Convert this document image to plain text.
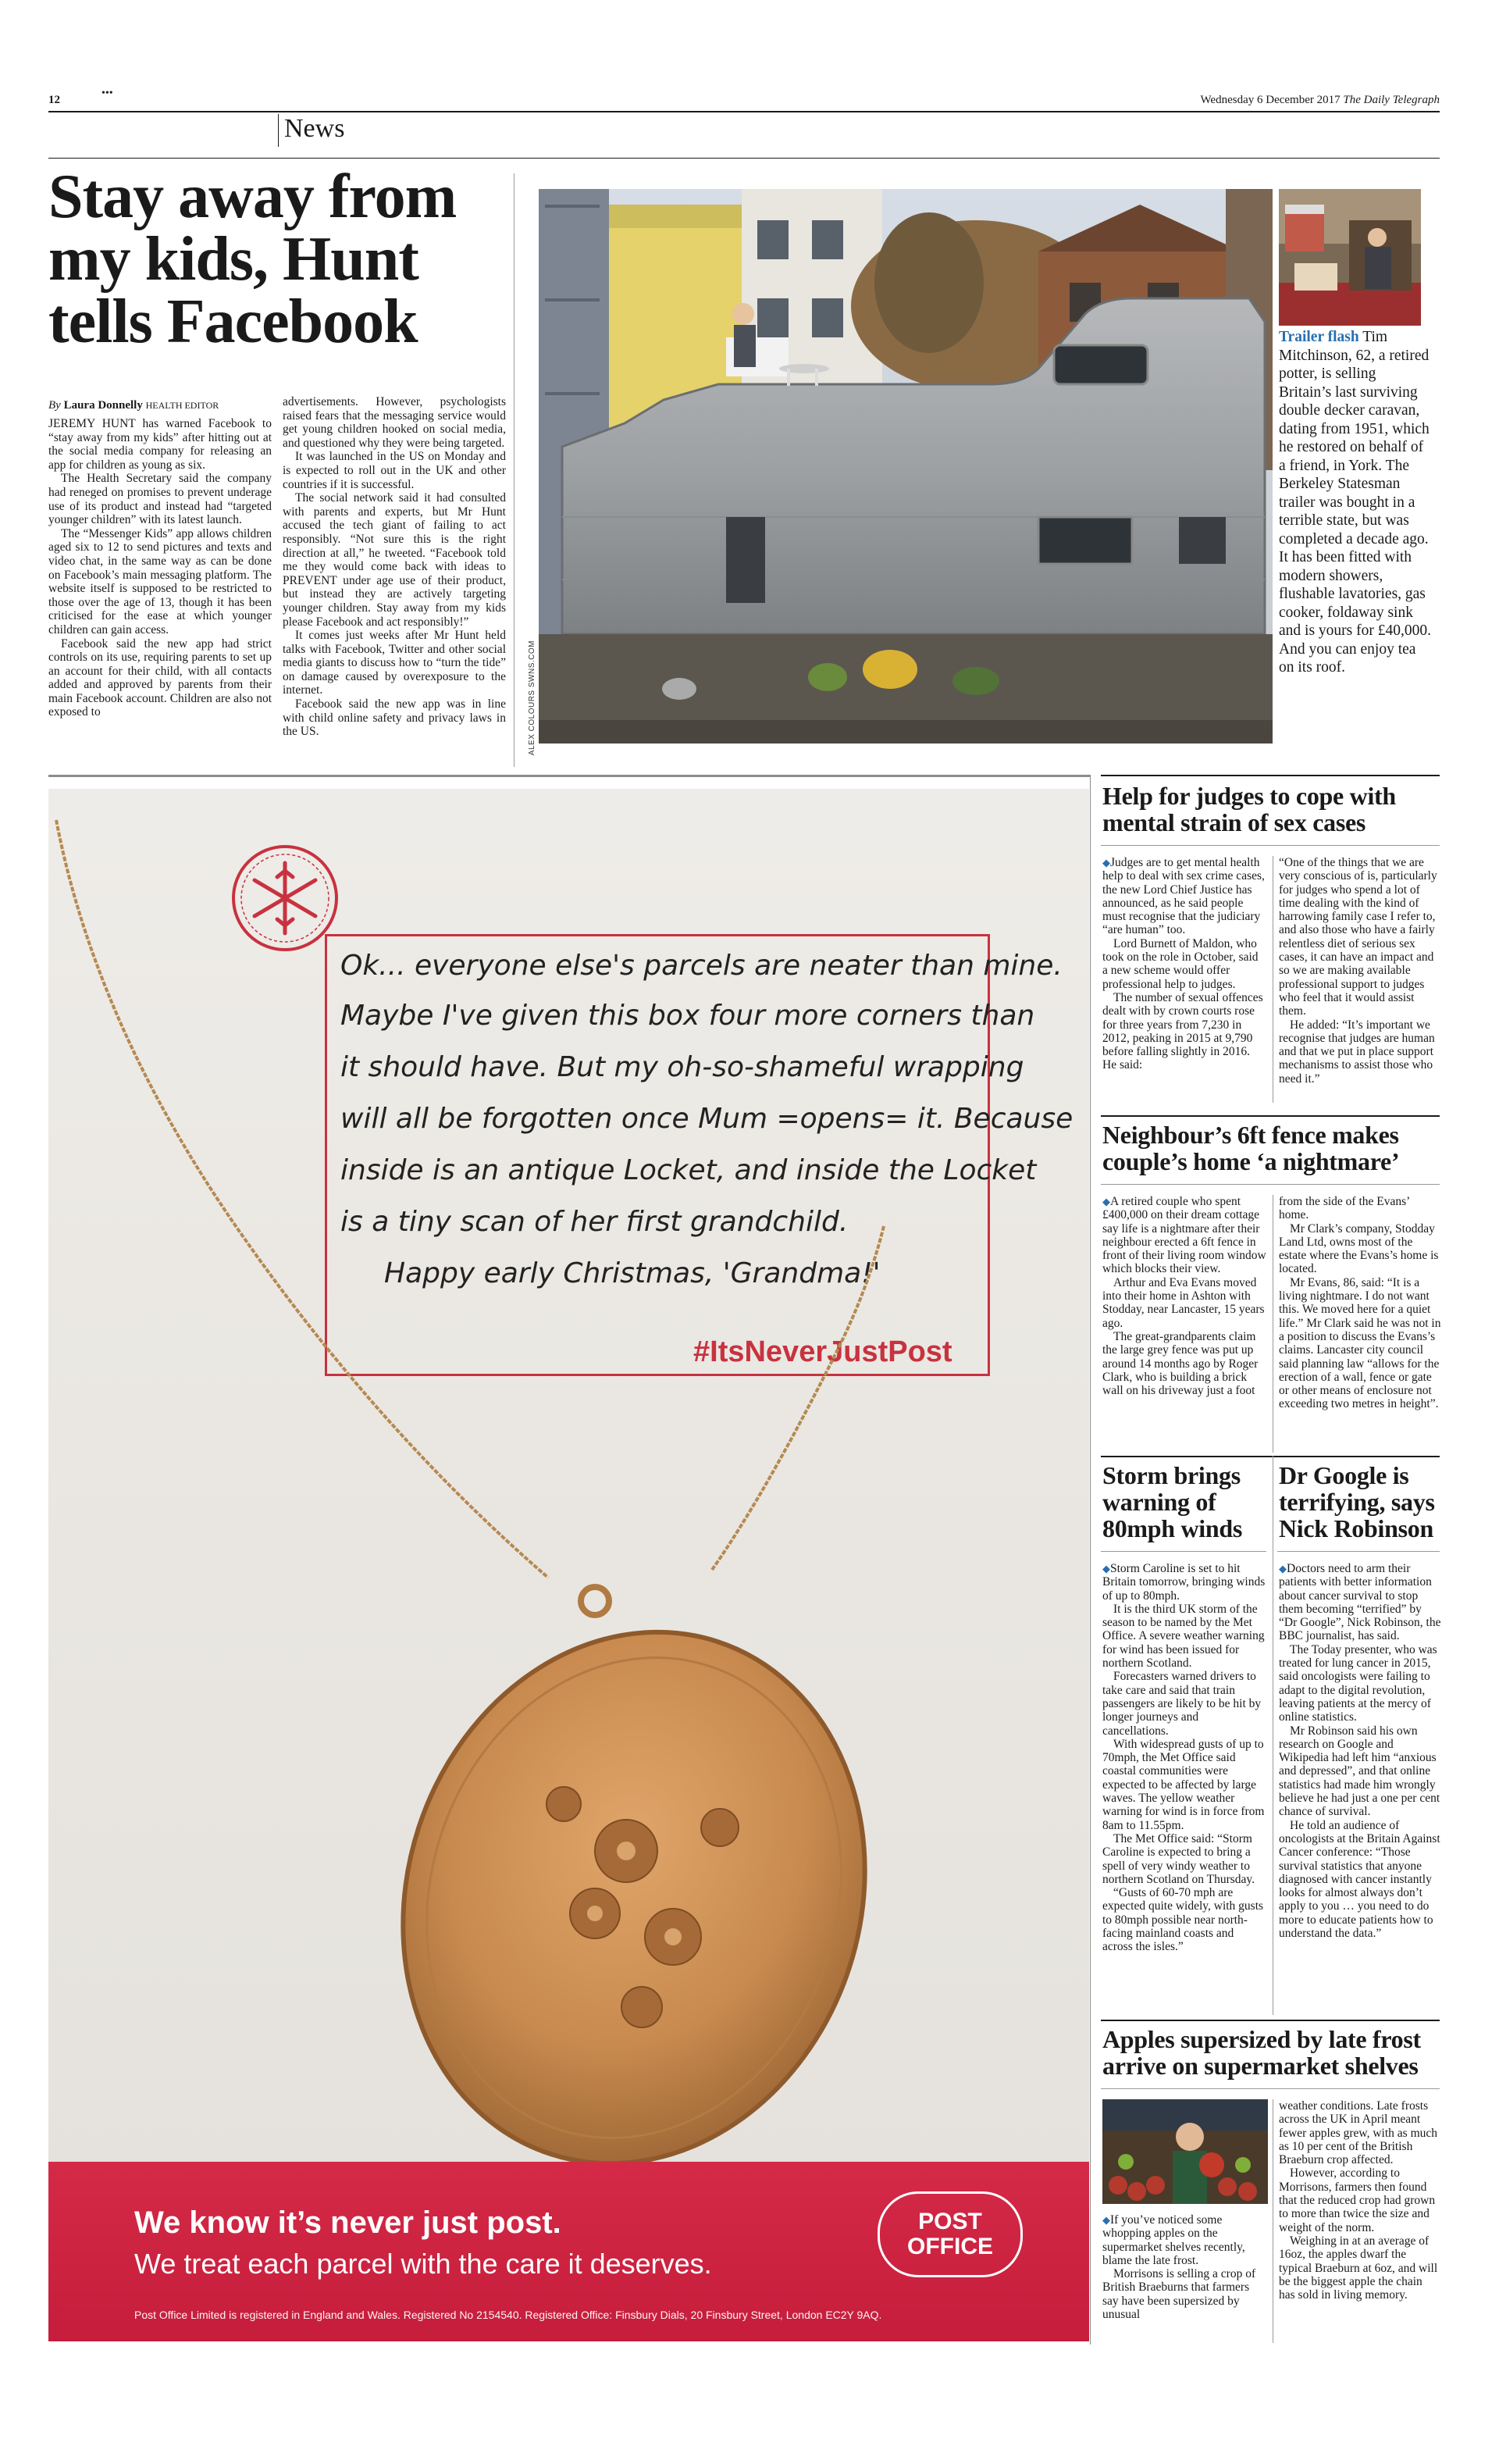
12
•••
Wednesday 6 December 2017 The Daily Telegraph
News
Stay away from
my kids, Hunt
tells Facebook
By Laura Donnelly HEALTH EDITOR

JEREMY HUNT has warned Facebook to “stay away from my kids” after hitting out at the social media company for releasing an app for children as young as six.

The Health Secretary said the company had reneged on promises to prevent underage use of its product and instead had “targeted younger children” with its latest launch.

The “Messenger Kids” app allows children aged six to 12 to send pictures and texts and video chat, in the same way as can be done on Facebook’s main messaging platform. The website itself is supposed to be restricted to those over the age of 13, though it has been criticised for the ease at which younger children can gain access.

Facebook said the new app had strict controls on its use, requiring parents to set up an account for their child, with all contacts added and approved by parents from their main Facebook account. Children are also not exposed to

advertisements. However, psychologists raised fears that the messaging service would get young children hooked on social media, and questioned why they were being targeted.

It was launched in the US on Monday and is expected to roll out in the UK and other countries if it is successful.

The social network said it had consulted with parents and experts, but Mr Hunt accused the tech giant of failing to act responsibly. “Not sure this is the right direction at all,” he tweeted. “Facebook told me they would come back with ideas to PREVENT under age use of their product, but instead they are actively targeting younger children. Stay away from my kids please Facebook and act responsibly!”

It comes just weeks after Mr Hunt held talks with Facebook, Twitter and other social media giants to discuss how to “turn the tide” on damage caused by overexposure to the internet.

Facebook said the new app was in line with child online safety and privacy laws in the US.	ALEX COLOURS SWNS.COM
Trailer flash Tim Mitchinson, 62, a retired potter, is selling Britain’s last surviving double decker caravan, dating from 1951, which he restored on behalf of a friend, in York. The Berkeley Statesman trailer was bought in a terrible state, but was completed a decade ago. It has been fitted with modern showers, flushable lavatories, gas cooker, foldaway sink and is yours for £40,000. And you can enjoy tea on its roof.
Ok... everyone else's parcels are neater than mine.
Maybe I've given this box four more corners than
it should have. But my oh-so-shameful wrapping
will all be forgotten once Mum =opens= it. Because
inside is an antique Locket, and inside the Locket
is a tiny scan of her first grandchild.
Happy early Christmas, 'Grandma!'
#ItsNeverJustPost
We know it’s never just post.
We treat each parcel with the care it deserves.
Post Office Limited is registered in England and Wales. Registered No 2154540. Registered Office: Finsbury Dials, 20 Finsbury Street, London EC2Y 9AQ.
POST
OFFICE
Help for judges to cope with mental strain of sex cases

◆Judges are to get mental health help to deal with sex crime cases, the new Lord Chief Justice has announced, as he said people must recognise that the judiciary “are human” too.

Lord Burnett of Maldon, who took on the role in October, said a new scheme would offer professional help to judges.

The number of sexual offences dealt with by crown courts rose for three years from 7,230 in 2012, peaking in 2015 at 9,790 before falling slightly in 2016. He said:

“One of the things that we are very conscious of is, particularly for judges who spend a lot of time dealing with the kind of harrowing family case I refer to, and also those who have a fairly relentless diet of serious sex cases, it can have an impact and so we are making available professional support to judges who feel that it would assist them.

He added: “It’s important we recognise that judges are human and that we put in place support mechanisms to assist those who need it.”

Neighbour’s 6ft fence makes couple’s home ‘a nightmare’

◆A retired couple who spent £400,000 on their dream cottage say life is a nightmare after their neighbour erected a 6ft fence in front of their living room window which blocks their view.

Arthur and Eva Evans moved into their home in Ashton with Stodday, near Lancaster, 15 years ago.

The great-grandparents claim the large grey fence was put up around 14 months ago by Roger Clark, who is building a brick wall on his driveway just a foot

from the side of the Evans’ home.

Mr Clark’s company, Stodday Land Ltd, owns most of the estate where the Evans’s home is located.

Mr Evans, 86, said: “It is a living nightmare. I do not want this. We moved here for a quiet life.” Mr Clark said he was not in a position to discuss the Evans’s claims. Lancaster city council said planning law “allows for the erection of a wall, fence or gate or other means of enclosure not exceeding two metres in height”.

Storm brings
warning of
80mph winds

◆Storm Caroline is set to hit Britain tomorrow, bringing winds of up to 80mph.

It is the third UK storm of the season to be named by the Met Office. A severe weather warning for wind has been issued for northern Scotland.

Forecasters warned drivers to take care and said that train passengers are likely to be hit by longer journeys and cancellations.

With widespread gusts of up to 70mph, the Met Office said coastal communities were expected to be affected by large waves. The yellow weather warning for wind is in force from 8am to 11.55pm.

The Met Office said: “Storm Caroline is expected to bring a spell of very windy weather to northern Scotland on Thursday.

“Gusts of 60-70 mph are expected quite widely, with gusts to 80mph possible near north-facing mainland coasts and across the isles.”

Dr Google is
terrifying, says
Nick Robinson

◆Doctors need to arm their patients with better information about cancer survival to stop them becoming “terrified” by “Dr Google”, Nick Robinson, the BBC journalist, has said.

The Today presenter, who was treated for lung cancer in 2015, said oncologists were failing to adapt to the digital revolution, leaving patients at the mercy of online statistics.

Mr Robinson said his own research on Google and Wikipedia had left him “anxious and depressed”, and that online statistics had made him wrongly believe he had just a one per cent chance of survival.

He told an audience of oncologists at the Britain Against Cancer conference: “Those survival statistics that anyone diagnosed with cancer instantly looks for almost always don’t apply to you … you need to do more to educate patients how to understand the data.”

Apples supersized by late frost arrive on supermarket shelves

◆If you’ve noticed some whopping apples on the supermarket shelves recently, blame the late frost.

Morrisons is selling a crop of British Braeburns that farmers say have been supersized by unusual

weather conditions. Late frosts across the UK in April meant fewer apples grew, with as much as 10 per cent of the British Braeburn crop affected.

However, according to Morrisons, farmers then found that the reduced crop had grown to more than twice the size and weight of the norm.

Weighing in at an average of 16oz, the apples dwarf the typical Braeburn at 6oz, and will be the biggest apple the chain has sold in living memory.
